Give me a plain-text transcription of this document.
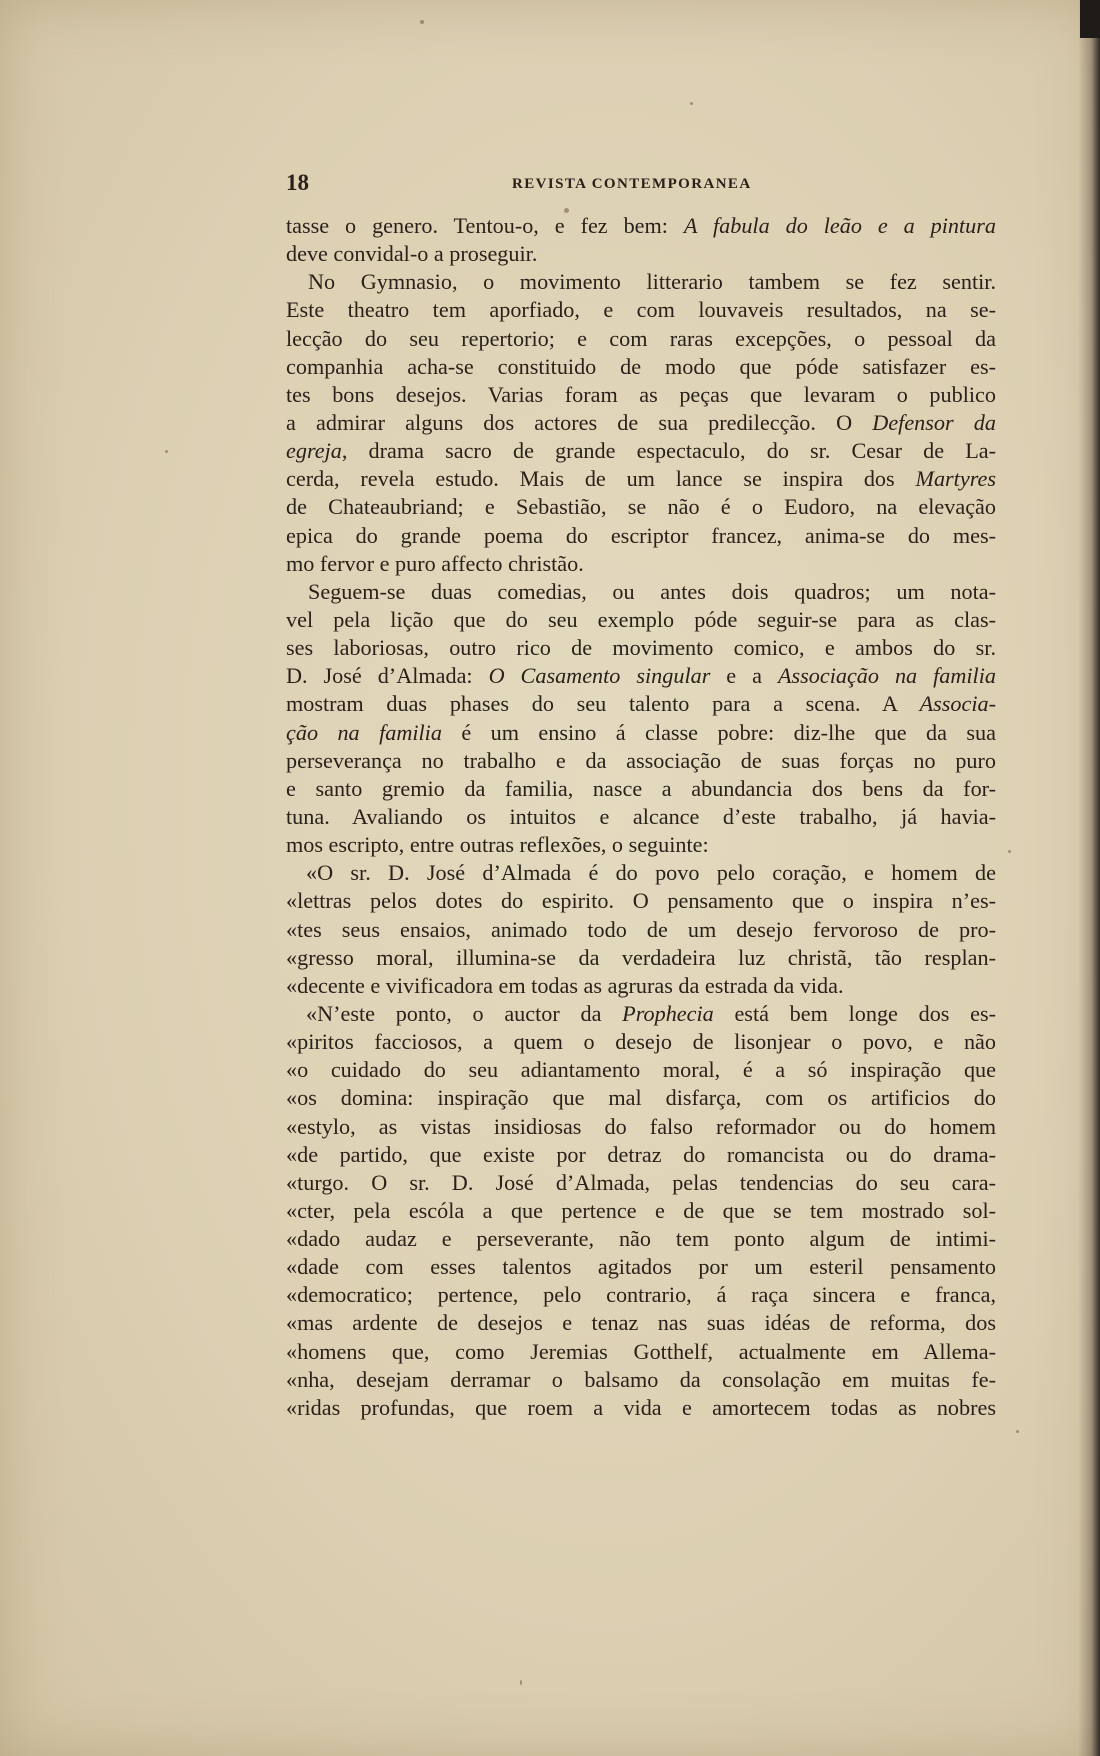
18	REVISTA CONTEMPORANEA
tasse o genero. Tentou-o, e fez bem: A fabula do leão e a pintura
deve convidal-o a proseguir.
No Gymnasio, o movimento litterario tambem se fez sentir.
Este theatro tem aporfiado, e com louvaveis resultados, na se-
lecção do seu repertorio; e com raras excepções, o pessoal da
companhia acha-se constituido de modo que póde satisfazer es-
tes bons desejos. Varias foram as peças que levaram o publico
a admirar alguns dos actores de sua predilecção. O Defensor da
egreja, drama sacro de grande espectaculo, do sr. Cesar de La-
cerda, revela estudo. Mais de um lance se inspira dos Martyres
de Chateaubriand; e Sebastião, se não é o Eudoro, na elevação
epica do grande poema do escriptor francez, anima-se do mes-
mo fervor e puro affecto christão.
Seguem-se duas comedias, ou antes dois quadros; um nota-
vel pela lição que do seu exemplo póde seguir-se para as clas-
ses laboriosas, outro rico de movimento comico, e ambos do sr.
D. José d’Almada: O Casamento singular e a Associação na familia
mostram duas phases do seu talento para a scena. A Associa-
ção na familia é um ensino á classe pobre: diz-lhe que da sua
perseverança no trabalho e da associação de suas forças no puro
e santo gremio da familia, nasce a abundancia dos bens da for-
tuna. Avaliando os intuitos e alcance d’este trabalho, já havia-
mos escripto, entre outras reflexões, o seguinte:
«O sr. D. José d’Almada é do povo pelo coração, e homem de
«lettras pelos dotes do espirito. O pensamento que o inspira n’es-
«tes seus ensaios, animado todo de um desejo fervoroso de pro-
«gresso moral, illumina-se da verdadeira luz christã, tão resplan-
«decente e vivificadora em todas as agruras da estrada da vida.
«N’este ponto, o auctor da Prophecia está bem longe dos es-
«piritos facciosos, a quem o desejo de lisonjear o povo, e não
«o cuidado do seu adiantamento moral, é a só inspiração que
«os domina: inspiração que mal disfarça, com os artificios do
«estylo, as vistas insidiosas do falso reformador ou do homem
«de partido, que existe por detraz do romancista ou do drama-
«turgo. O sr. D. José d’Almada, pelas tendencias do seu cara-
«cter, pela escóla a que pertence e de que se tem mostrado sol-
«dado audaz e perseverante, não tem ponto algum de intimi-
«dade com esses talentos agitados por um esteril pensamento
«democratico; pertence, pelo contrario, á raça sincera e franca,
«mas ardente de desejos e tenaz nas suas idéas de reforma, dos
«homens que, como Jeremias Gotthelf, actualmente em Allema-
«nha, desejam derramar o balsamo da consolação em muitas fe-
«ridas profundas, que roem a vida e amortecem todas as nobres
